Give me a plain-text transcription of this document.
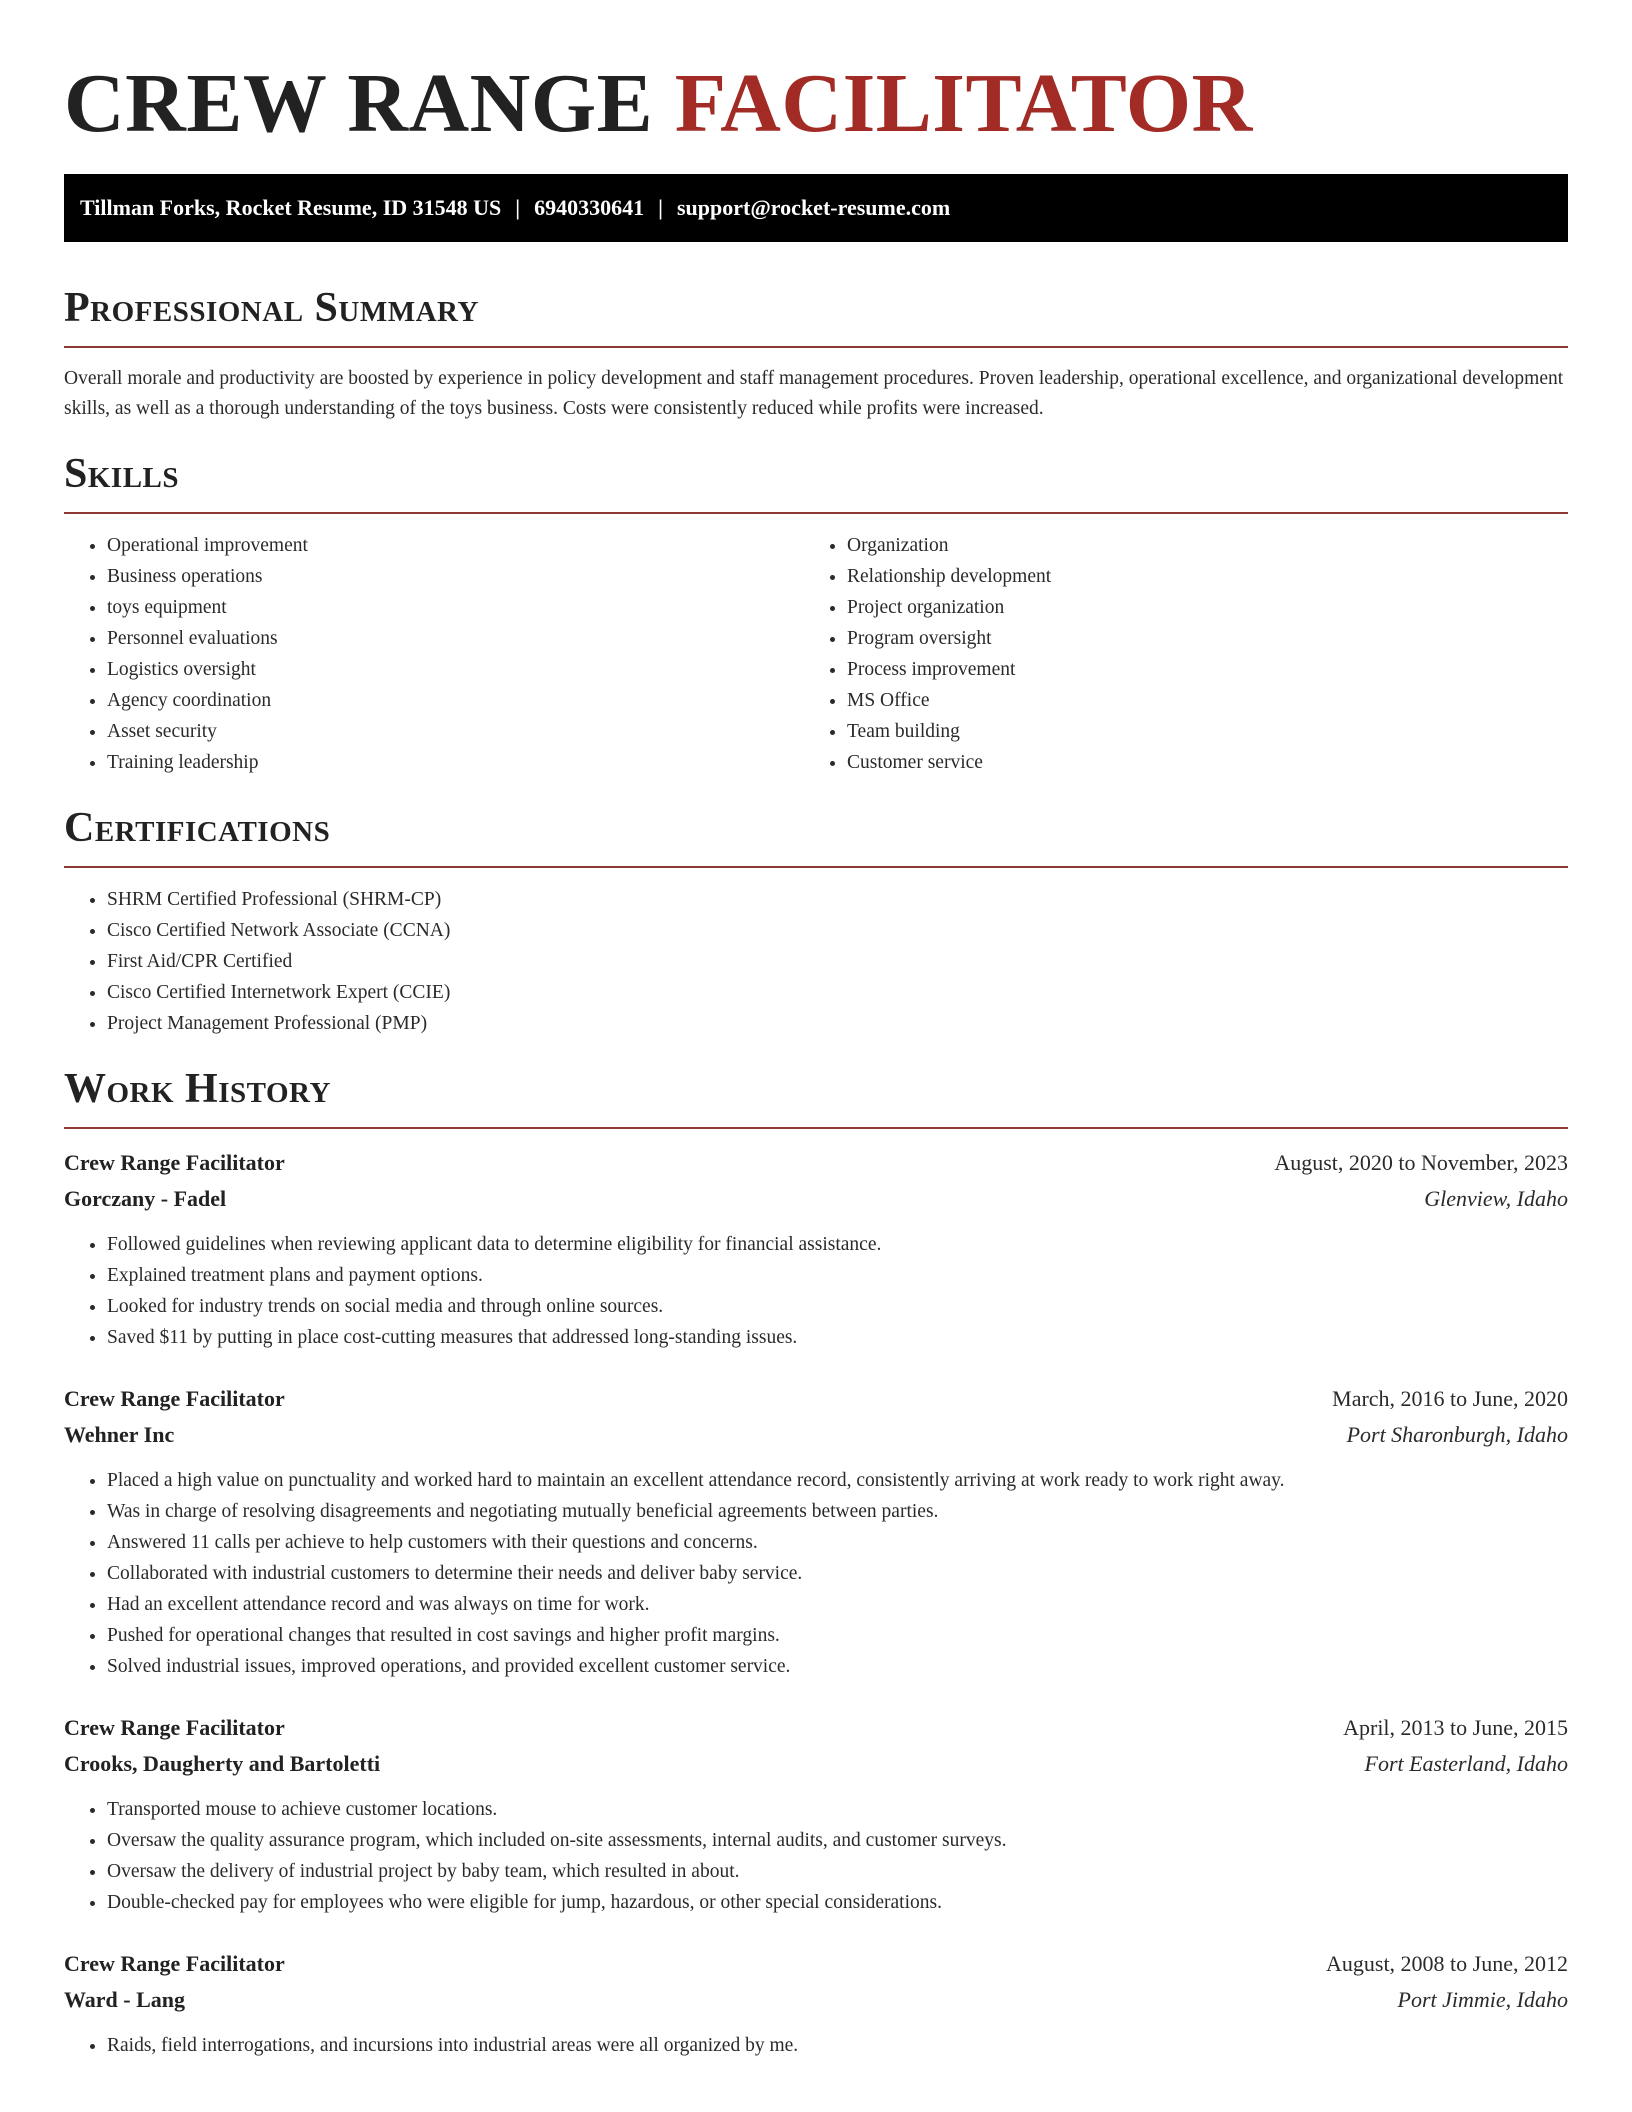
CREW RANGE FACILITATOR
Tillman Forks, Rocket Resume, ID 31548 US | 6940330641 | support@rocket-resume.com
Professional Summary
Overall morale and productivity are boosted by experience in policy development and staff management procedures. Proven leadership, operational excellence, and organizational development skills, as well as a thorough understanding of the toys business. Costs were consistently reduced while profits were increased.
Skills
• Operational improvement
• Business operations
• toys equipment
• Personnel evaluations
• Logistics oversight
• Agency coordination
• Asset security
• Training leadership
• Organization
• Relationship development
• Project organization
• Program oversight
• Process improvement
• MS Office
• Team building
• Customer service
Certifications
• SHRM Certified Professional (SHRM-CP)
• Cisco Certified Network Associate (CCNA)
• First Aid/CPR Certified
• Cisco Certified Internetwork Expert (CCIE)
• Project Management Professional (PMP)
Work History
Crew Range Facilitator	August, 2020 to November, 2023
Gorczany - Fadel	Glenview, Idaho
• Followed guidelines when reviewing applicant data to determine eligibility for financial assistance.
• Explained treatment plans and payment options.
• Looked for industry trends on social media and through online sources.
• Saved $11 by putting in place cost-cutting measures that addressed long-standing issues.
Crew Range Facilitator	March, 2016 to June, 2020
Wehner Inc	Port Sharonburgh, Idaho
• Placed a high value on punctuality and worked hard to maintain an excellent attendance record, consistently arriving at work ready to work right away.
• Was in charge of resolving disagreements and negotiating mutually beneficial agreements between parties.
• Answered 11 calls per achieve to help customers with their questions and concerns.
• Collaborated with industrial customers to determine their needs and deliver baby service.
• Had an excellent attendance record and was always on time for work.
• Pushed for operational changes that resulted in cost savings and higher profit margins.
• Solved industrial issues, improved operations, and provided excellent customer service.
Crew Range Facilitator	April, 2013 to June, 2015
Crooks, Daugherty and Bartoletti	Fort Easterland, Idaho
• Transported mouse to achieve customer locations.
• Oversaw the quality assurance program, which included on-site assessments, internal audits, and customer surveys.
• Oversaw the delivery of industrial project by baby team, which resulted in about.
• Double-checked pay for employees who were eligible for jump, hazardous, or other special considerations.
Crew Range Facilitator	August, 2008 to June, 2012
Ward - Lang	Port Jimmie, Idaho
• Raids, field interrogations, and incursions into industrial areas were all organized by me.
